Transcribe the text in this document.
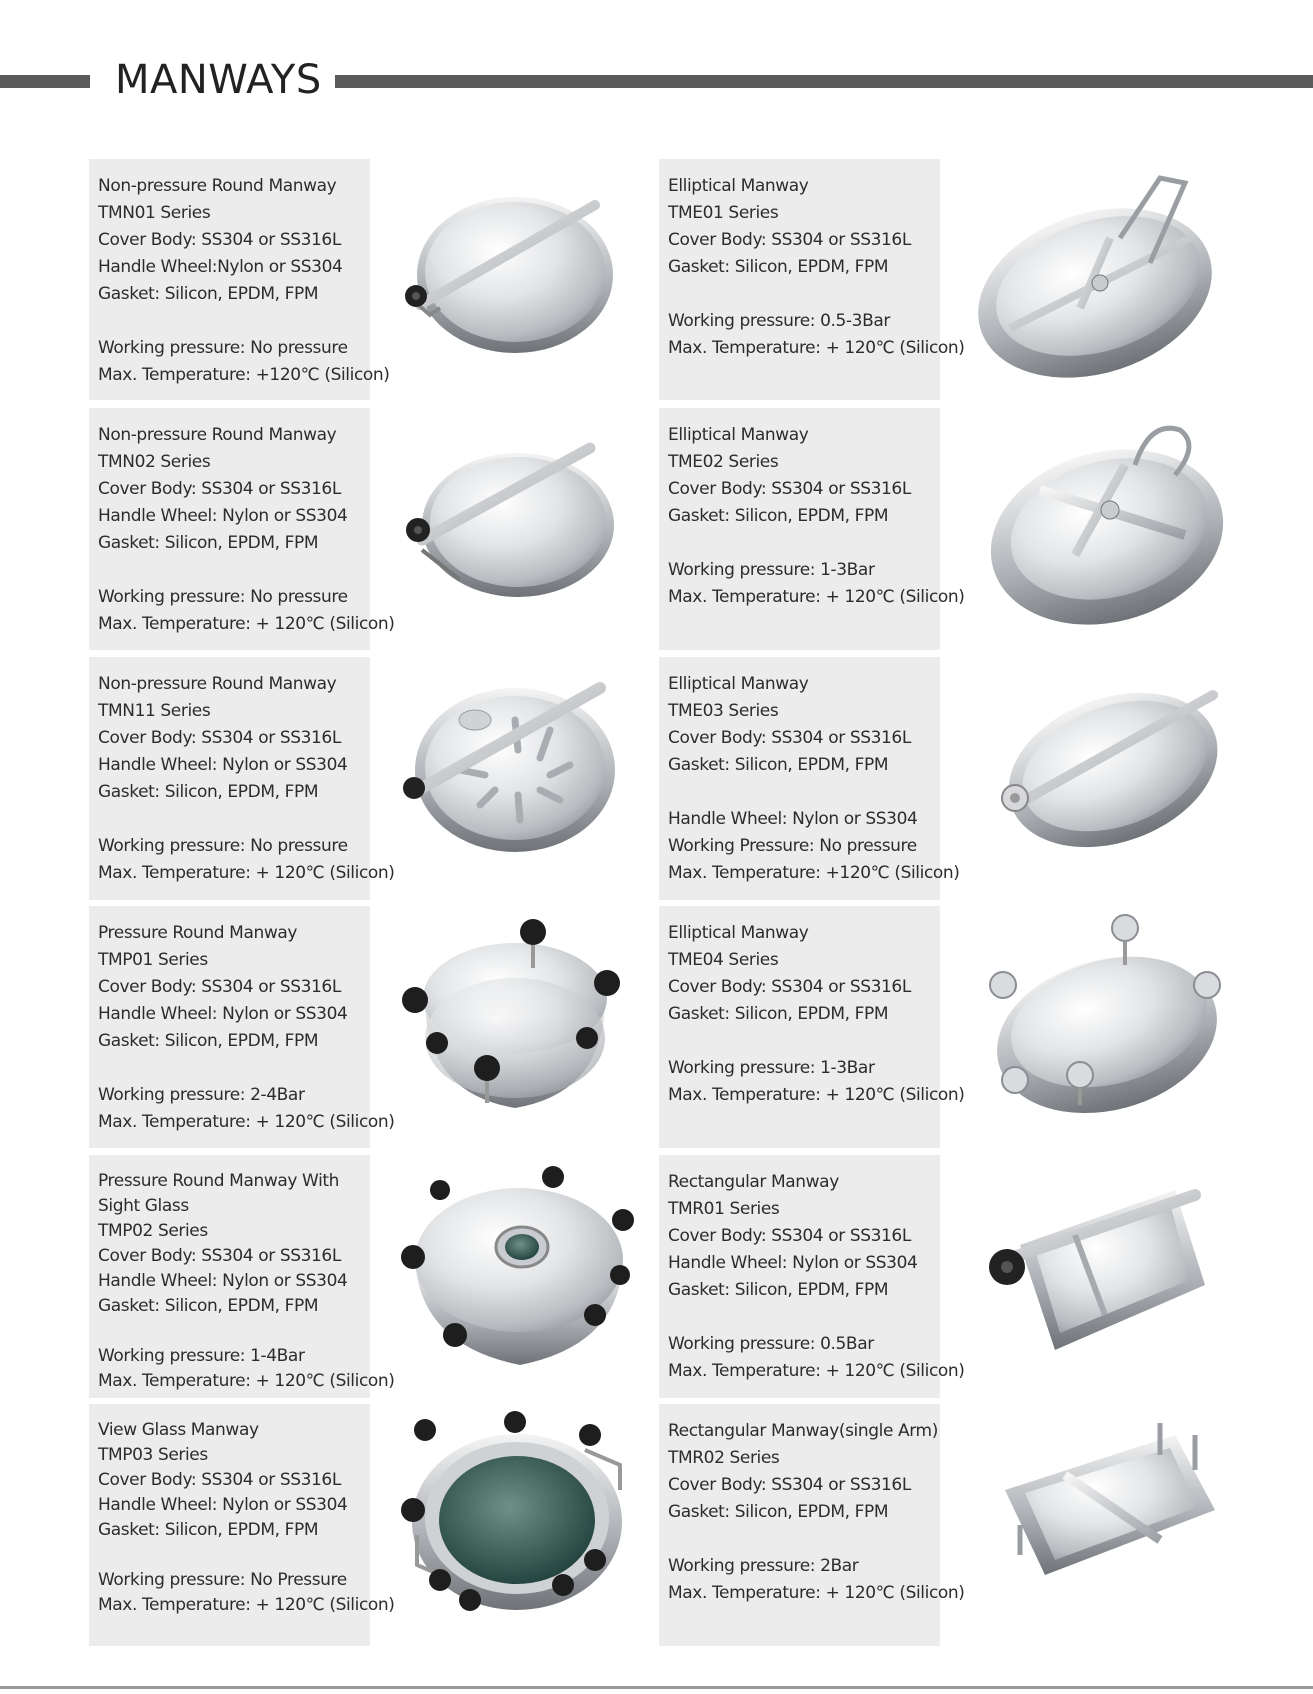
MANWAYS
Non-pressure Round Manway
TMN01 Series
Cover Body: SS304 or SS316L
Handle Wheel:Nylon or SS304
Gasket: Silicon, EPDM, FPM
Working pressure: No pressure
Max. Temperature: +120℃ (Silicon)
Non-pressure Round Manway
TMN02 Series
Cover Body: SS304 or SS316L
Handle Wheel: Nylon or SS304
Gasket: Silicon, EPDM, FPM
Working pressure: No pressure
Max. Temperature: + 120℃ (Silicon)
Non-pressure Round Manway
TMN11 Series
Cover Body: SS304 or SS316L
Handle Wheel: Nylon or SS304
Gasket: Silicon, EPDM, FPM
Working pressure: No pressure
Max. Temperature: + 120℃ (Silicon)
Pressure Round Manway
TMP01 Series
Cover Body: SS304 or SS316L
Handle Wheel: Nylon or SS304
Gasket: Silicon, EPDM, FPM
Working pressure: 2-4Bar
Max. Temperature: + 120℃ (Silicon)
Pressure Round Manway With
Sight Glass
TMP02 Series
Cover Body: SS304 or SS316L
Handle Wheel: Nylon or SS304
Gasket: Silicon, EPDM, FPM
Working pressure: 1-4Bar
Max. Temperature: + 120℃ (Silicon)
View Glass Manway
TMP03 Series
Cover Body: SS304 or SS316L
Handle Wheel: Nylon or SS304
Gasket: Silicon, EPDM, FPM
Working pressure: No Pressure
Max. Temperature: + 120℃ (Silicon)
Elliptical Manway
TME01 Series
Cover Body: SS304 or SS316L
Gasket: Silicon, EPDM, FPM
Working pressure: 0.5-3Bar
Max. Temperature: + 120℃ (Silicon)
Elliptical Manway
TME02 Series
Cover Body: SS304 or SS316L
Gasket: Silicon, EPDM, FPM
Working pressure: 1-3Bar
Max. Temperature: + 120℃ (Silicon)
Elliptical Manway
TME03 Series
Cover Body: SS304 or SS316L
Gasket: Silicon, EPDM, FPM
Handle Wheel: Nylon or SS304
Working Pressure: No pressure
Max. Temperature: +120℃ (Silicon)
Elliptical Manway
TME04 Series
Cover Body: SS304 or SS316L
Gasket: Silicon, EPDM, FPM
Working pressure: 1-3Bar
Max. Temperature: + 120℃ (Silicon)
Rectangular Manway
TMR01 Series
Cover Body: SS304 or SS316L
Handle Wheel: Nylon or SS304
Gasket: Silicon, EPDM, FPM
Working pressure: 0.5Bar
Max. Temperature: + 120℃ (Silicon)
Rectangular Manway(single Arm)
TMR02 Series
Cover Body: SS304 or SS316L
Gasket: Silicon, EPDM, FPM
Working pressure: 2Bar
Max. Temperature: + 120℃ (Silicon)
